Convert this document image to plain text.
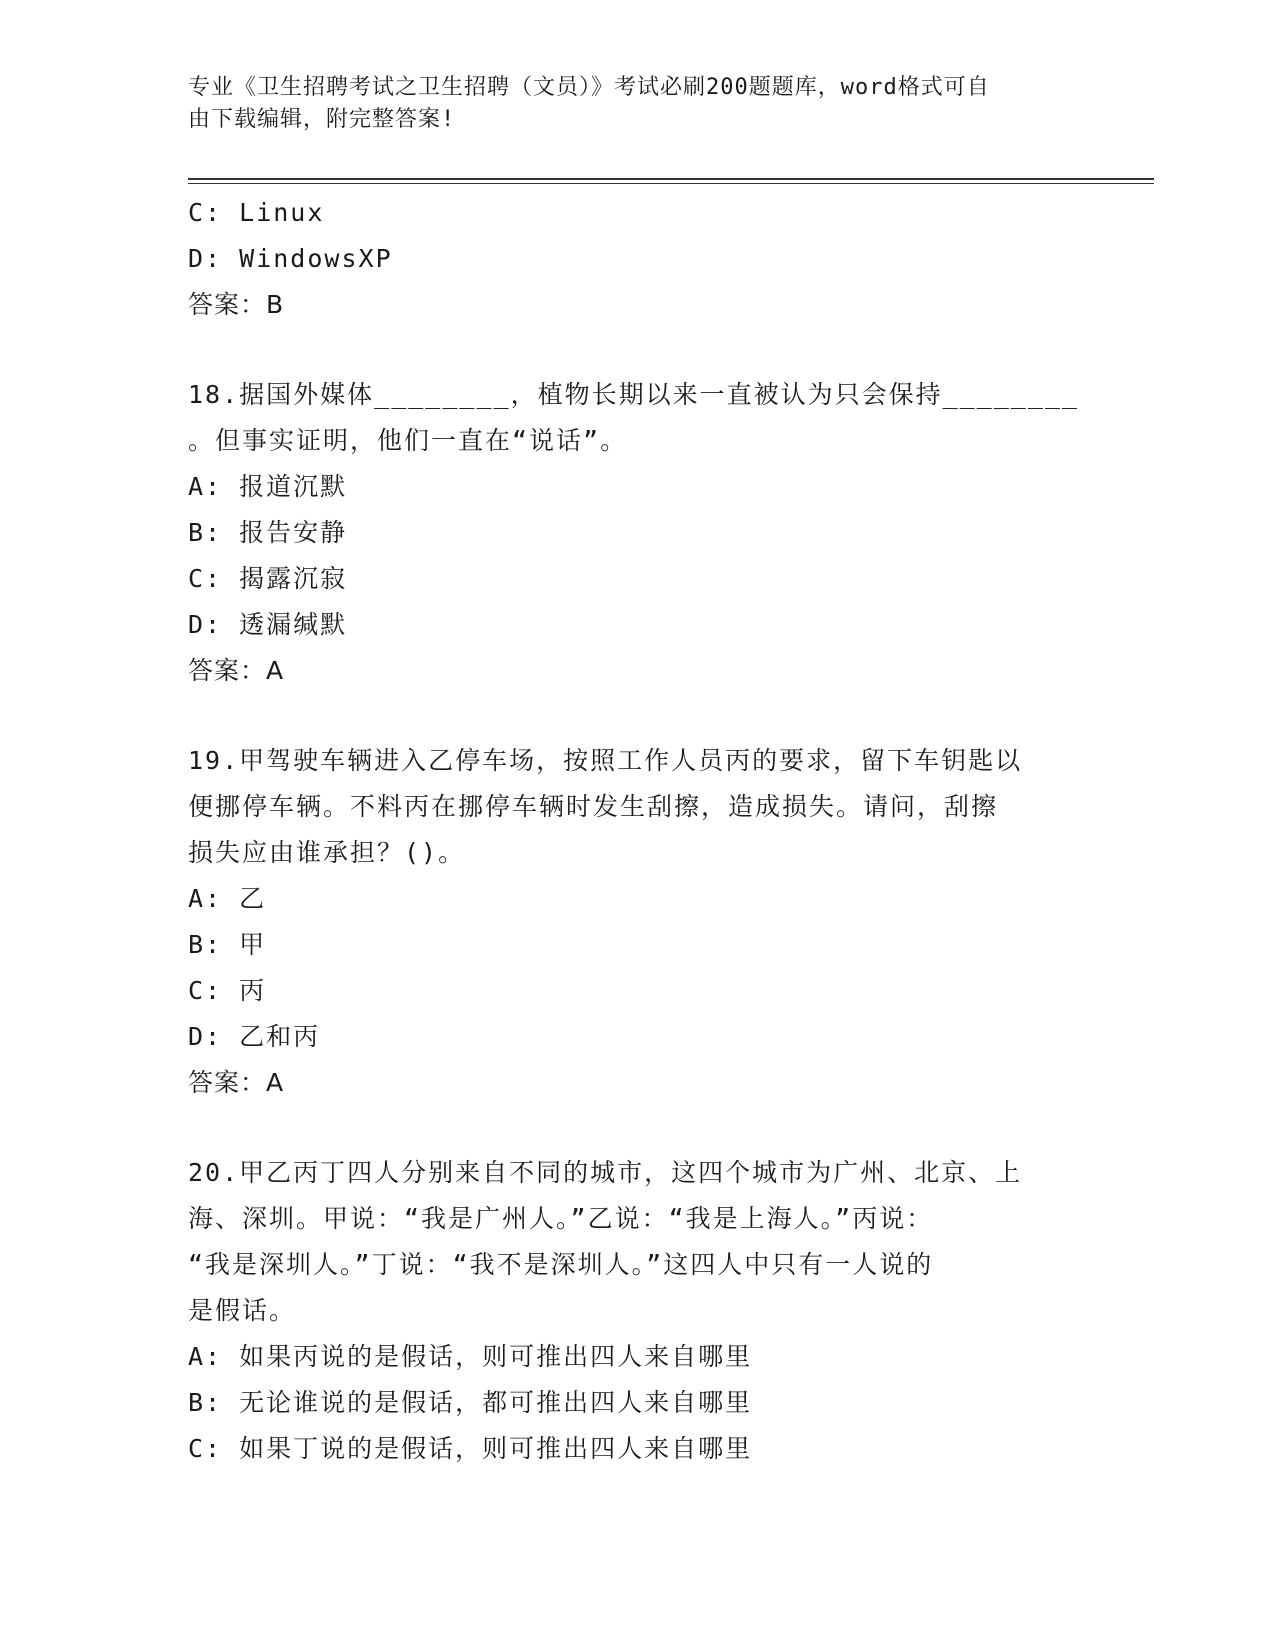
专业《卫生招聘考试之卫生招聘（文员）》考试必刷200题题库，word格式可自
由下载编辑，附完整答案!
C: Linux
D: WindowsXP
答案：B
18.据国外媒体________，植物长期以来一直被认为只会保持________
。但事实证明，他们一直在“说话”。
A: 报道沉默
B: 报告安静
C: 揭露沉寂
D: 透漏缄默
答案：A
19.甲驾驶车辆进入乙停车场，按照工作人员丙的要求，留下车钥匙以
便挪停车辆。不料丙在挪停车辆时发生刮擦，造成损失。请问，刮擦
损失应由谁承担？()。
A: 乙
B: 甲
C: 丙
D: 乙和丙
答案：A
20.甲乙丙丁四人分别来自不同的城市，这四个城市为广州、北京、上
海、深圳。甲说：“我是广州人。”乙说：“我是上海人。”丙说：
“我是深圳人。”丁说：“我不是深圳人。”这四人中只有一人说的
是假话。
A: 如果丙说的是假话，则可推出四人来自哪里
B: 无论谁说的是假话，都可推出四人来自哪里
C: 如果丁说的是假话，则可推出四人来自哪里
